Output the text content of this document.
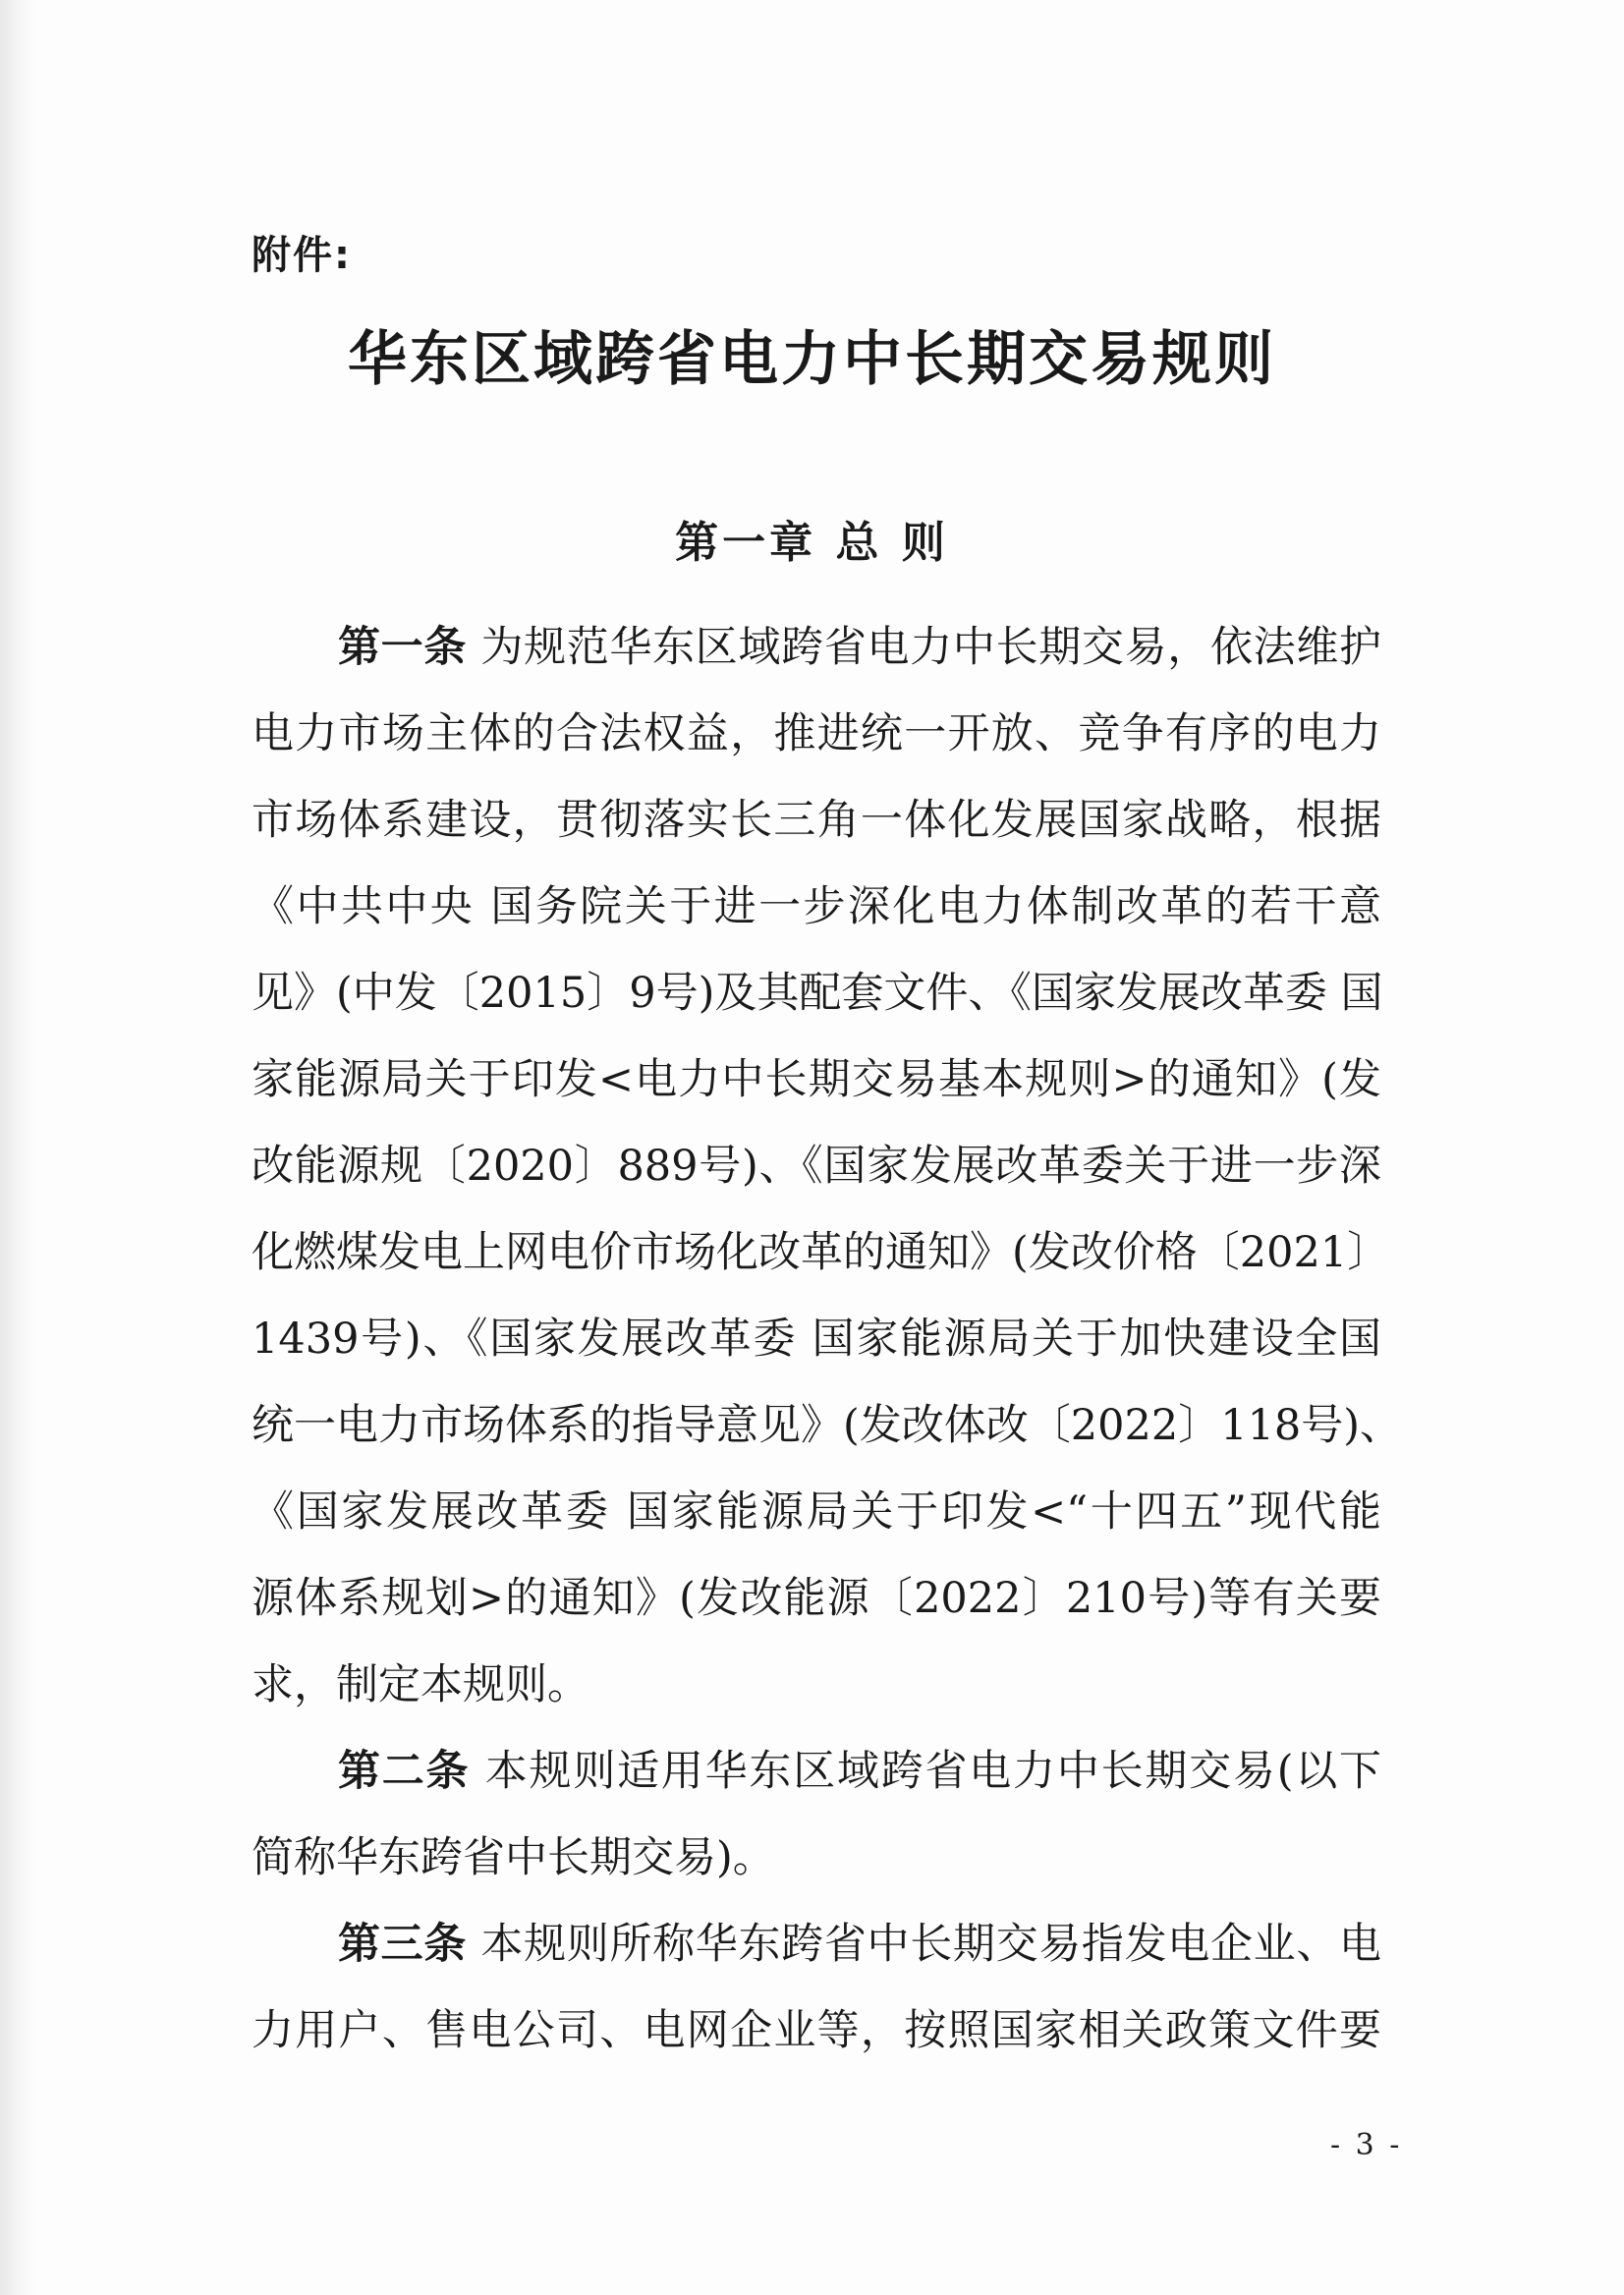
附件:
华东区域跨省电力中长期交易规则
第一章 总 则
第一条 为规范华东区域跨省电力中长期交易，依法维护
电力市场主体的合法权益，推进统一开放、竞争有序的电力
市场体系建设，贯彻落实长三角一体化发展国家战略，根据
《中共中央 国务院关于进一步深化电力体制改革的若干意
见》(中发〔2015〕9号)及其配套文件、《国家发展改革委 国
家能源局关于印发<电力中长期交易基本规则>的通知》(发
改能源规〔2020〕889号)、《国家发展改革委关于进一步深
化燃煤发电上网电价市场化改革的通知》(发改价格〔2021〕
1439号)、《国家发展改革委 国家能源局关于加快建设全国
统一电力市场体系的指导意见》(发改体改〔2022〕118号)、
《国家发展改革委 国家能源局关于印发<“十四五”现代能
源体系规划>的通知》(发改能源〔2022〕210号)等有关要
求，制定本规则。
第二条 本规则适用华东区域跨省电力中长期交易(以下
简称华东跨省中长期交易)。
第三条 本规则所称华东跨省中长期交易指发电企业、电
力用户、售电公司、电网企业等，按照国家相关政策文件要
- 3 -
